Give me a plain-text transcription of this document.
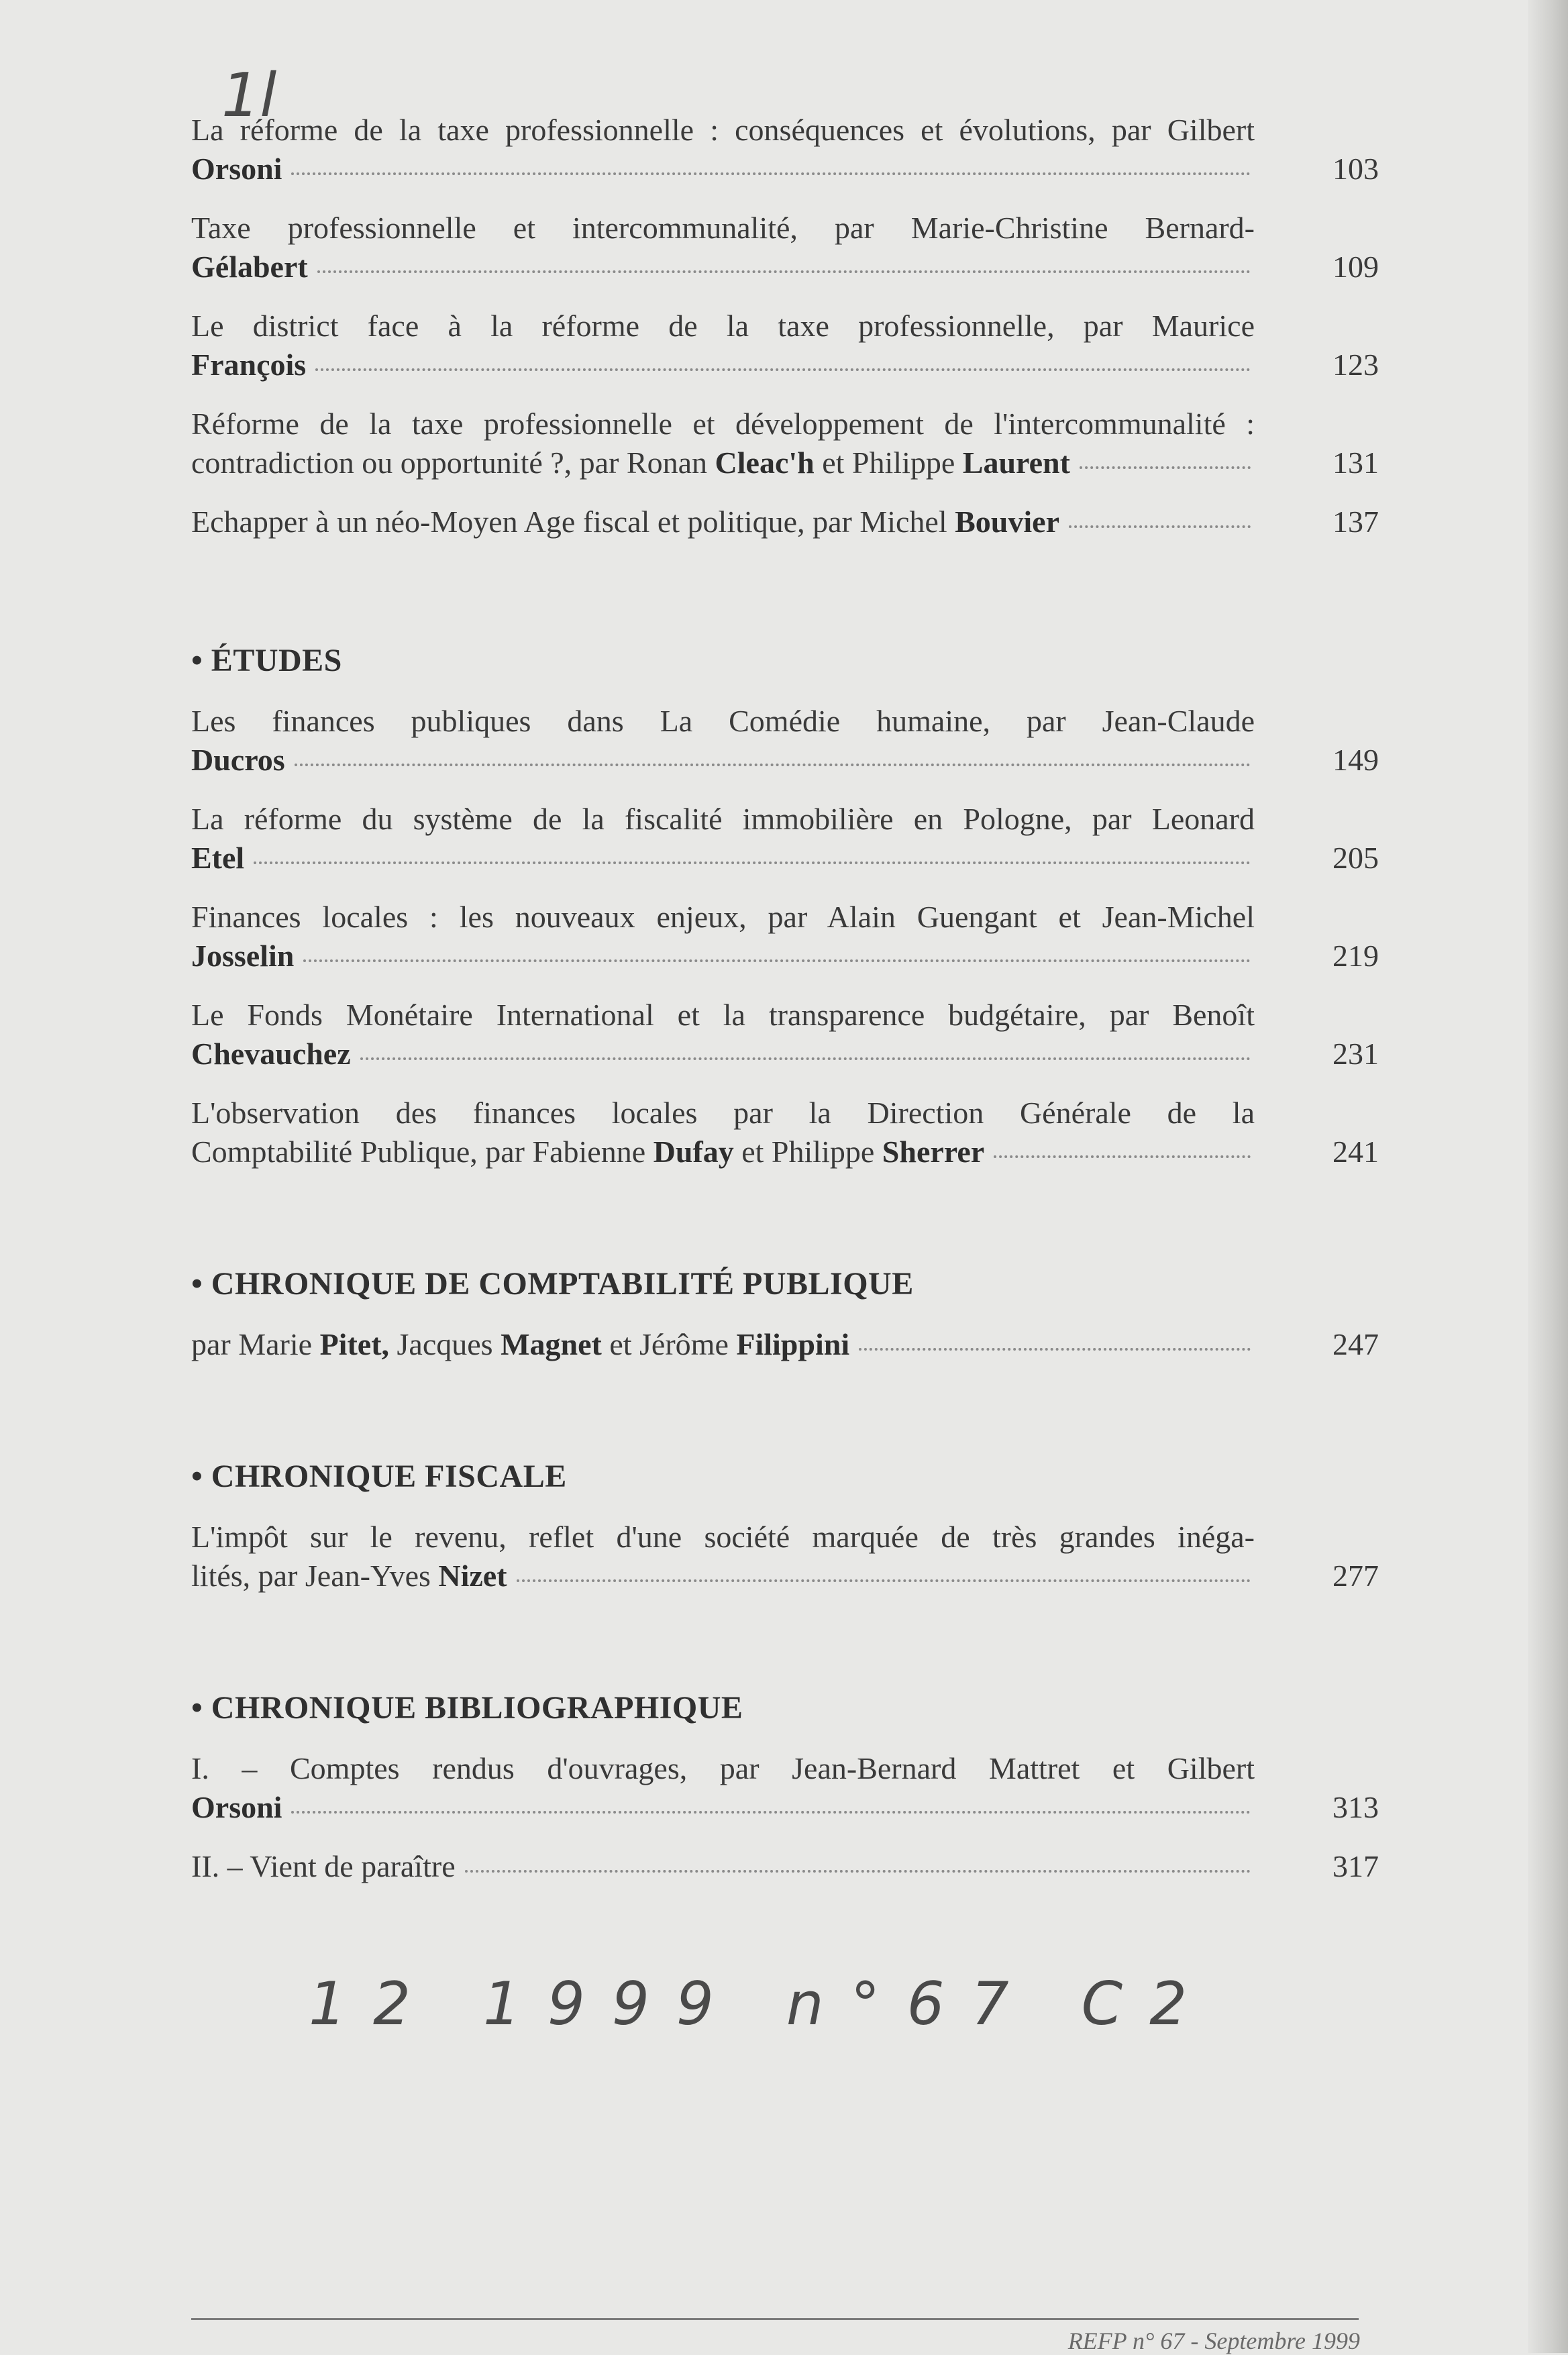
1l
La réforme de la taxe professionnelle : conséquences et évolutions, par Gilbert
Orsoni	103
Taxe professionnelle et intercommunalité, par Marie-Christine Bernard-
Gélabert	109
Le district face à la réforme de la taxe professionnelle, par Maurice
François	123
Réforme de la taxe professionnelle et développement de l'intercommunalité :
contradiction ou opportunité ?, par Ronan Cleac'h et Philippe Laurent	131
Echapper à un néo-Moyen Age fiscal et politique, par Michel Bouvier	137
• ÉTUDES
Les finances publiques dans La Comédie humaine, par Jean-Claude
Ducros	149
La réforme du système de la fiscalité immobilière en Pologne, par Leonard
Etel	205
Finances locales : les nouveaux enjeux, par Alain Guengant et Jean-Michel
Josselin	219
Le Fonds Monétaire International et la transparence budgétaire, par Benoît
Chevauchez	231
L'observation des finances locales par la Direction Générale de la
Comptabilité Publique, par Fabienne Dufay et Philippe Sherrer	241
• CHRONIQUE DE COMPTABILITÉ PUBLIQUE
par Marie Pitet, Jacques Magnet et Jérôme Filippini	247
• CHRONIQUE FISCALE
L'impôt sur le revenu, reflet d'une société marquée de très grandes inéga-
lités, par Jean-Yves Nizet	277
• CHRONIQUE BIBLIOGRAPHIQUE
I. – Comptes rendus d'ouvrages, par Jean-Bernard Mattret et Gilbert
Orsoni	313
II. – Vient de paraître	317
12 1999 n°67 C2
REFP n° 67 - Septembre 1999
